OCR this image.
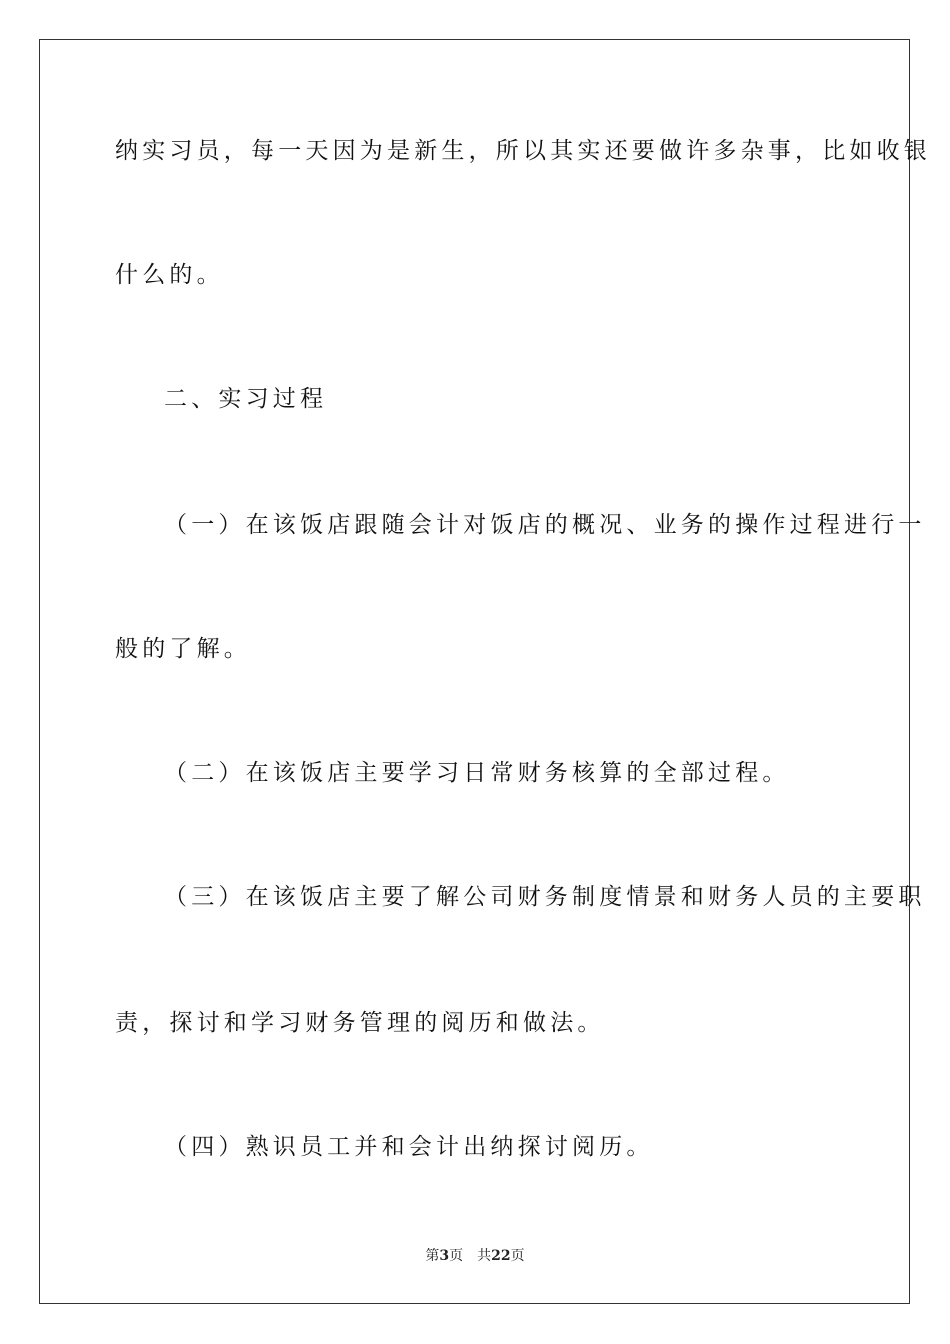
纳实习员，每一天因为是新生，所以其实还要做许多杂事，比如收银
什么的。
二、实习过程
（一）在该饭店跟随会计对饭店的概况、业务的操作过程进行一
般的了解。
（二）在该饭店主要学习日常财务核算的全部过程。
（三）在该饭店主要了解公司财务制度情景和财务人员的主要职
责，探讨和学习财务管理的阅历和做法。
（四）熟识员工并和会计出纳探讨阅历。
第3页 共22页
